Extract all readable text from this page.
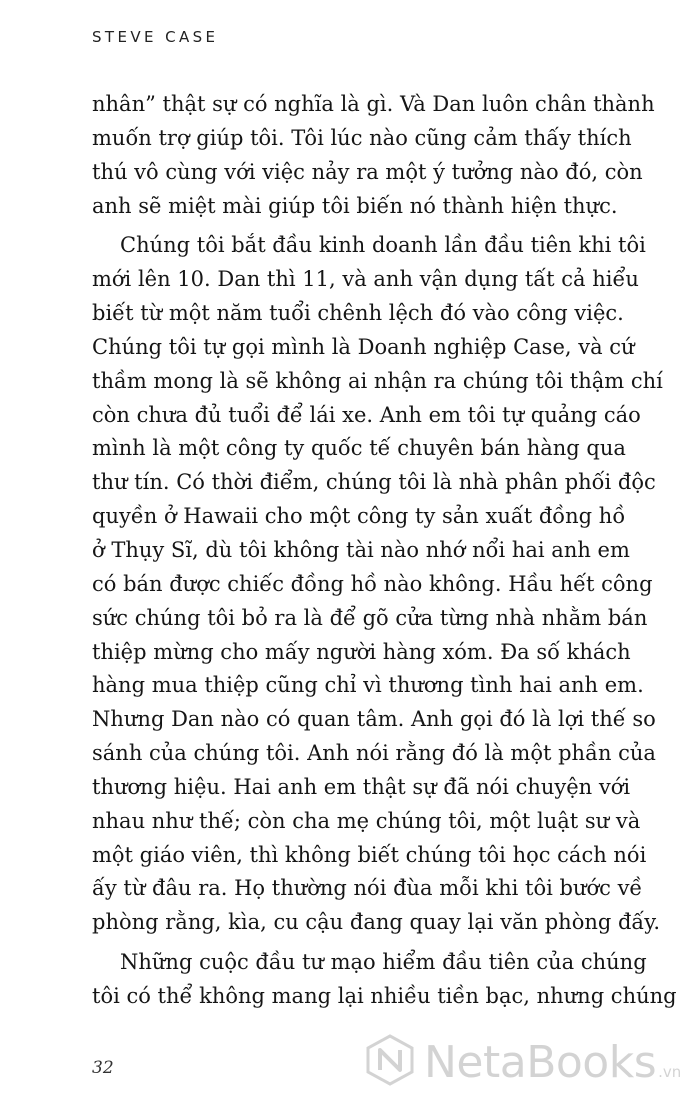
STEVE CASE
nhân” thật sự có nghĩa là gì. Và Dan luôn chân thành
muốn trợ giúp tôi. Tôi lúc nào cũng cảm thấy thích
thú vô cùng với việc nảy ra một ý tưởng nào đó, còn
anh sẽ miệt mài giúp tôi biến nó thành hiện thực.
Chúng tôi bắt đầu kinh doanh lần đầu tiên khi tôi
mới lên 10. Dan thì 11, và anh vận dụng tất cả hiểu
biết từ một năm tuổi chênh lệch đó vào công việc.
Chúng tôi tự gọi mình là Doanh nghiệp Case, và cứ
thầm mong là sẽ không ai nhận ra chúng tôi thậm chí
còn chưa đủ tuổi để lái xe. Anh em tôi tự quảng cáo
mình là một công ty quốc tế chuyên bán hàng qua
thư tín. Có thời điểm, chúng tôi là nhà phân phối độc
quyền ở Hawaii cho một công ty sản xuất đồng hồ
ở Thụy Sĩ, dù tôi không tài nào nhớ nổi hai anh em
có bán được chiếc đồng hồ nào không. Hầu hết công
sức chúng tôi bỏ ra là để gõ cửa từng nhà nhằm bán
thiệp mừng cho mấy người hàng xóm. Đa số khách
hàng mua thiệp cũng chỉ vì thương tình hai anh em.
Nhưng Dan nào có quan tâm. Anh gọi đó là lợi thế so
sánh của chúng tôi. Anh nói rằng đó là một phần của
thương hiệu. Hai anh em thật sự đã nói chuyện với
nhau như thế; còn cha mẹ chúng tôi, một luật sư và
một giáo viên, thì không biết chúng tôi học cách nói
ấy từ đâu ra. Họ thường nói đùa mỗi khi tôi bước về
phòng rằng, kìa, cu cậu đang quay lại văn phòng đấy.
Những cuộc đầu tư mạo hiểm đầu tiên của chúng
tôi có thể không mang lại nhiều tiền bạc, nhưng chúng
32	NetaBooks .vn
